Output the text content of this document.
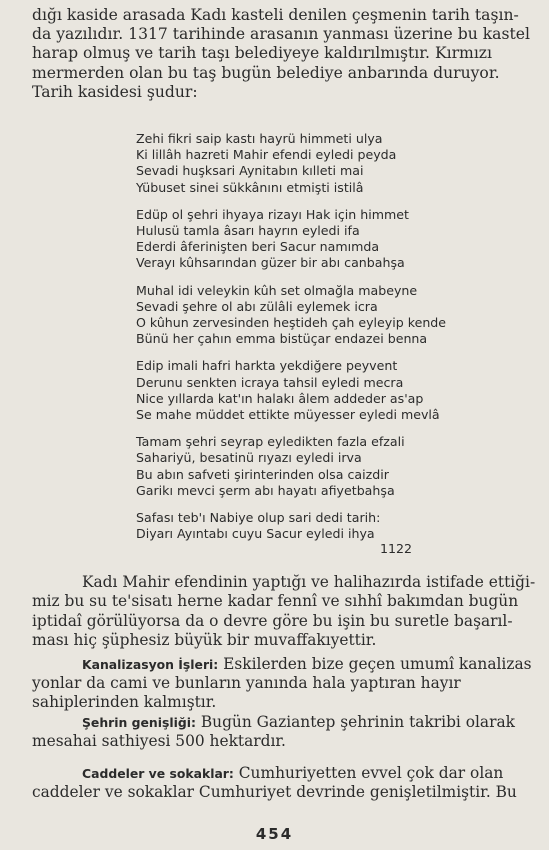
dığı kaside arasada Kadı kasteli denilen çeşmenin tarih taşın-
da yazılıdır. 1317 tarihinde arasanın yanması üzerine bu kastel
harap olmuş ve tarih taşı belediyeye kaldırılmıştır. Kırmızı
mermerden olan bu taş bugün belediye anbarında duruyor.
Tarih kasidesi şudur:
Zehi fikri saip kastı hayrü himmeti ulya
Ki lillâh hazreti Mahir efendi eyledi peyda
Sevadi huşksari Aynitabın kılleti mai
Yübuset sinei sükkânını etmişti istilâ
Edüp ol şehri ihyaya rizayı Hak için himmet
Hulusü tamla âsarı hayrın eyledi ifa
Ederdi âferinişten beri Sacur namımda
Verayı kûhsarından güzer bir abı canbahşa
Muhal idi veleykin kûh set olmağla mabeyne
Sevadi şehre ol abı zülâli eylemek icra
O kûhun zervesinden heştideh çah eyleyip kende
Bünü her çahın emma bistüçar endazei benna
Edip imali hafri harkta yekdiğere peyvent
Derunu senkten icraya tahsil eyledi mecra
Nice yıllarda kat'ın halakı âlem addeder as'ap
Se mahe müddet ettikte müyesser eyledi mevlâ
Tamam şehri seyrap eyledikten fazla efzali
Sahariyü, besatinü rıyazı eyledi irva
Bu abın safveti şirinterinden olsa caizdir
Garikı mevci şerm abı hayatı afiyetbahşa
Safası teb'ı Nabiye olup sari dedi tarih:
Diyarı Ayıntabı cuyu Sacur eyledi ihya
1122

Kadı Mahir efendinin yaptığı ve halihazırda istifade ettiği-
miz bu su te'sisatı herne kadar fennî ve sıhhî bakımdan bugün
iptidaî görülüyorsa da o devre göre bu işin bu suretle başarıl-
ması hiç şüphesiz büyük bir muvaffakıyettir.

Kanalizasyon İşleri: Eskilerden bize geçen umumî kanalizas
yonlar da cami ve bunların yanında hala yaptıran hayır
sahiplerinden kalmıştır.

Şehrin genişliği: Bugün Gaziantep şehrinin takribi olarak
mesahai sathiyesi 500 hektardır.

Caddeler ve sokaklar: Cumhuriyetten evvel çok dar olan
caddeler ve sokaklar Cumhuriyet devrinde genişletilmiştir. Bu

454
